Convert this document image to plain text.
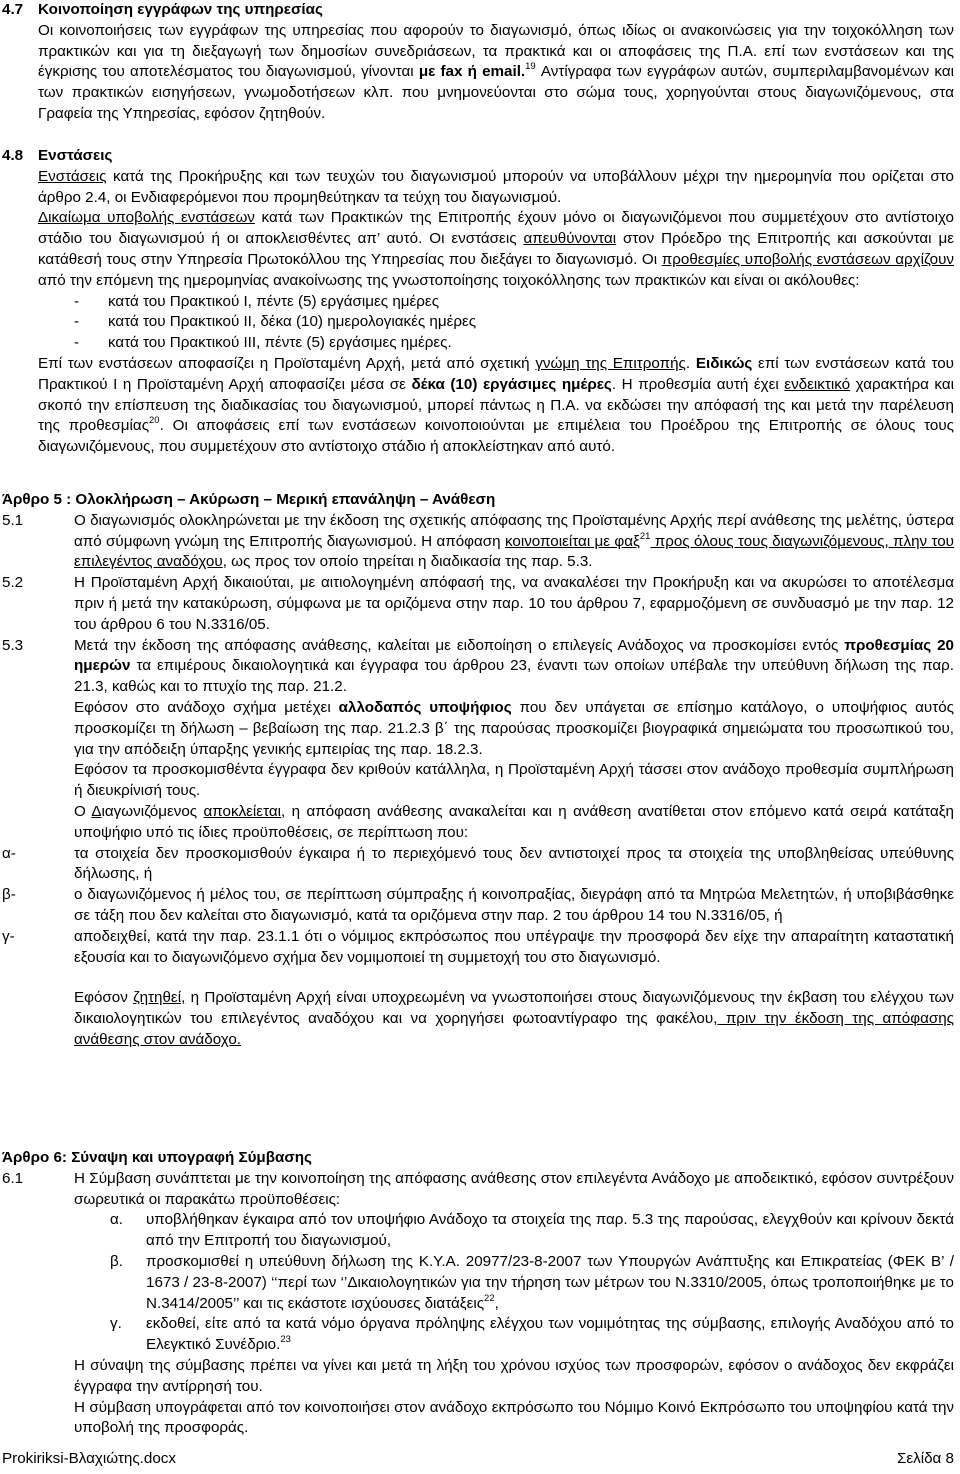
4.7 Κοινοποίηση εγγράφων της υπηρεσίας

Οι κοινοποιήσεις των εγγράφων της υπηρεσίας που αφορούν το διαγωνισμό, όπως ιδίως οι ανακοινώσεις για την τοιχοκόλληση των πρακτικών και για τη διεξαγωγή των δημοσίων συνεδριάσεων, τα πρακτικά και οι αποφάσεις της Π.Α. επί των ενστάσεων και της έγκρισης του αποτελέσματος του διαγωνισμού, γίνονται με fax ή email.$^{19}$ Αντίγραφα των εγγράφων αυτών, συμπεριλαμβανομένων και των πρακτικών εισηγήσεων, γνωμοδοτήσεων κλπ. που μνημονεύονται στο σώμα τους, χορηγούνται στους διαγωνιζόμενους, στα Γραφεία της Υπηρεσίας, εφόσον ζητηθούν.

4.8 Ενστάσεις

Ενστάσεις κατά της Προκήρυξης και των τευχών του διαγωνισμού μπορούν να υποβάλλουν μέχρι την ημερομηνία που ορίζεται στο άρθρο 2.4, οι Ενδιαφερόμενοι που προμηθεύτηκαν τα τεύχη του διαγωνισμού.

Δικαίωμα υποβολής ενστάσεων κατά των Πρακτικών της Επιτροπής έχουν μόνο οι διαγωνιζόμενοι που συμμετέχουν στο αντίστοιχο στάδιο του διαγωνισμού ή οι αποκλεισθέντες απ’ αυτό. Οι ενστάσεις απευθύνονται στον Πρόεδρο της Επιτροπής και ασκούνται με κατάθεσή τους στην Υπηρεσία Πρωτοκόλλου της Υπηρεσίας που διεξάγει το διαγωνισμό. Οι προθεσμίες υποβολής ενστάσεων αρχίζουν από την επόμενη της ημερομηνίας ανακοίνωσης της γνωστοποίησης τοιχοκόλλησης των πρακτικών και είναι οι ακόλουθες:

-	κατά του Πρακτικού Ι, πέντε (5) εργάσιμες ημέρες
-	κατά του Πρακτικού ΙΙ, δέκα (10) ημερολογιακές ημέρες
-	κατά του Πρακτικού ΙΙΙ, πέντε (5) εργάσιμες ημέρες.

Επί των ενστάσεων αποφασίζει η Προϊσταμένη Αρχή, μετά από σχετική γνώμη της Επιτροπής. Ειδικώς επί των ενστάσεων κατά του Πρακτικού Ι η Προϊσταμένη Αρχή αποφασίζει μέσα σε δέκα (10) εργάσιμες ημέρες. Η προθεσμία αυτή έχει ενδεικτικό χαρακτήρα και σκοπό την επίσπευση της διαδικασίας του διαγωνισμού, μπορεί πάντως η Π.Α. να εκδώσει την απόφασή της και μετά την παρέλευση της προθεσμίας$^{20}$. Οι αποφάσεις επί των ενστάσεων κοινοποιούνται με επιμέλεια του Προέδρου της Επιτροπής σε όλους τους διαγωνιζόμενους, που συμμετέχουν στο αντίστοιχο στάδιο ή αποκλείστηκαν από αυτό.

Άρθρο 5 : Ολοκλήρωση – Ακύρωση – Μερική επανάληψη – Ανάθεση

5.1	Ο διαγωνισμός ολοκληρώνεται με την έκδοση της σχετικής απόφασης της Προϊσταμένης Αρχής περί ανάθεσης της μελέτης, ύστερα από σύμφωνη γνώμη της Επιτροπής διαγωνισμού. Η απόφαση κοινοποιείται με φαξ$^{21}$ προς όλους τους διαγωνιζόμενους, πλην του επιλεγέντος αναδόχου, ως προς τον οποίο τηρείται η διαδικασία της παρ. 5.3.

5.2	Η Προϊσταμένη Αρχή δικαιούται, με αιτιολογημένη απόφασή της, να ανακαλέσει την Προκήρυξη και να ακυρώσει το αποτέλεσμα πριν ή μετά την κατακύρωση, σύμφωνα με τα οριζόμενα στην παρ. 10 του άρθρου 7, εφαρμοζόμενη σε συνδυασμό με την παρ. 12 του άρθρου 6 του Ν.3316/05.

5.3	Μετά την έκδοση της απόφασης ανάθεσης, καλείται με ειδοποίηση ο επιλεγείς Ανάδοχος να προσκομίσει εντός προθεσμίας 20 ημερών τα επιμέρους δικαιολογητικά και έγγραφα του άρθρου 23, έναντι των οποίων υπέβαλε την υπεύθυνη δήλωση της παρ. 21.3, καθώς και το πτυχίο της παρ. 21.2.

Εφόσον στο ανάδοχο σχήμα μετέχει αλλοδαπός υποψήφιος που δεν υπάγεται σε επίσημο κατάλογο, ο υποψήφιος αυτός προσκομίζει τη δήλωση – βεβαίωση της παρ. 21.2.3 β΄ της παρούσας προσκομίζει βιογραφικά σημειώματα του προσωπικού του, για την απόδειξη ύπαρξης γενικής εμπειρίας της παρ. 18.2.3.

Εφόσον τα προσκομισθέντα έγγραφα δεν κριθούν κατάλληλα, η Προϊσταμένη Αρχή τάσσει στον ανάδοχο προθεσμία συμπλήρωση ή διευκρίνισή τους.

Ο Διαγωνιζόμενος αποκλείεται, η απόφαση ανάθεσης ανακαλείται και η ανάθεση ανατίθεται στον επόμενο κατά σειρά κατάταξη υποψήφιο υπό τις ίδιες προϋποθέσεις, σε περίπτωση που:

α-	τα στοιχεία δεν προσκομισθούν έγκαιρα ή το περιεχόμενό τους δεν αντιστοιχεί προς τα στοιχεία της υποβληθείσας υπεύθυνης δήλωσης, ή

β-	ο διαγωνιζόμενος ή μέλος του, σε περίπτωση σύμπραξης ή κοινοπραξίας, διεγράφη από τα Μητρώα Μελετητών, ή υποβιβάσθηκε σε τάξη που δεν καλείται στο διαγωνισμό, κατά τα οριζόμενα στην παρ. 2 του άρθρου 14 του Ν.3316/05, ή

γ-	αποδειχθεί, κατά την παρ. 23.1.1 ότι ο νόμιμος εκπρόσωπος που υπέγραψε την προσφορά δεν είχε την απαραίτητη καταστατική εξουσία και το διαγωνιζόμενο σχήμα δεν νομιμοποιεί τη συμμετοχή του στο διαγωνισμό.

Εφόσον ζητηθεί, η Προϊσταμένη Αρχή είναι υποχρεωμένη να γνωστοποιήσει στους διαγωνιζόμενους την έκβαση του ελέγχου των δικαιολογητικών του επιλεγέντος αναδόχου και να χορηγήσει φωτοαντίγραφο της φακέλου, πριν την έκδοση της απόφασης ανάθεσης στον ανάδοχο.

Άρθρο 6: Σύναψη και υπογραφή Σύμβασης

6.1	Η Σύμβαση συνάπτεται με την κοινοποίηση της απόφασης ανάθεσης στον επιλεγέντα Ανάδοχο με αποδεικτικό, εφόσον συντρέξουν σωρευτικά οι παρακάτω προϋποθέσεις:

α.	υποβλήθηκαν έγκαιρα από τον υποψήφιο Ανάδοχο τα στοιχεία της παρ. 5.3 της παρούσας, ελεγχθούν και κρίνουν δεκτά από την Επιτροπή του διαγωνισμού,

β.	προσκομισθεί η υπεύθυνη δήλωση της Κ.Υ.Α. 20977/23-8-2007 των Υπουργών Ανάπτυξης και Επικρατείας (ΦΕΚ Β’ / 1673 / 23-8-2007) ‘‘περί των ‘’Δικαιολογητικών για την τήρηση των μέτρων του Ν.3310/2005, όπως τροποποιήθηκε με το Ν.3414/2005’’ και τις εκάστοτε ισχύουσες διατάξεις$^{22}$,

γ.	εκδοθεί, είτε από τα κατά νόμο όργανα πρόληψης ελέγχου των νομιμότητας της σύμβασης, επιλογής Αναδόχου από το Ελεγκτικό Συνέδριο.$^{23}$

Η σύναψη της σύμβασης πρέπει να γίνει και μετά τη λήξη του χρόνου ισχύος των προσφορών, εφόσον ο ανάδοχος δεν εκφράζει έγγραφα την αντίρρησή του.

Η σύμβαση υπογράφεται από τον κοινοποιήσει στον ανάδοχο εκπρόσωπο του Νόμιμο Κοινό Εκπρόσωπο του υποψηφίου κατά την υποβολή της προσφοράς.

Prokiriksi-Βλαχιώτης.docx	Σελίδα 8
